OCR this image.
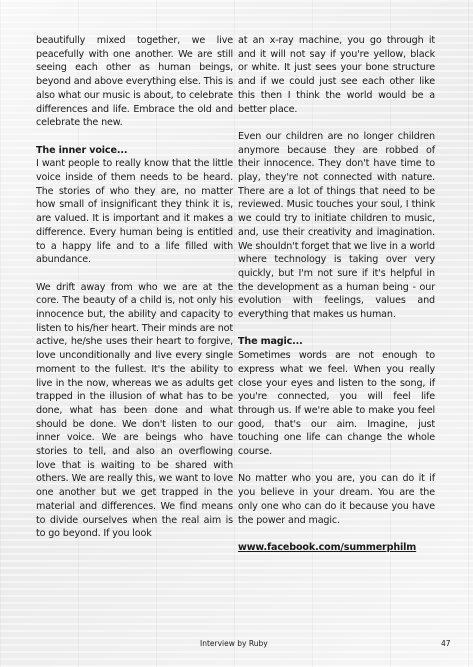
beautifully mixed together, we live peacefully with one another. We are still seeing each other as human beings, beyond and above everything else. This is also what our music is about, to celebrate differences and life. Embrace the old and celebrate the new.

The inner voice...

I want people to really know that the little voice inside of them needs to be heard. The stories of who they are, no matter how small of insignificant they think it is, are valued. It is important and it makes a difference. Every human being is entitled to a happy life and to a life filled with abundance.

We drift away from who we are at the core. The beauty of a child is, not only his innocence but, the ability and capacity to listen to his/her heart. Their minds are not active, he/she uses their heart to forgive, love unconditionally and live every single moment to the fullest. It's the ability to live in the now, whereas we as adults get trapped in the illusion of what has to be done, what has been done and what should be done. We don't listen to our inner voice. We are beings who have stories to tell, and also an overflowing love that is waiting to be shared with others. We are really this, we want to love one another but we get trapped in the material and differences. We find means to divide ourselves when the real aim is to go beyond. If you look

at an x-ray machine, you go through it and it will not say if you're yellow, black or white. It just sees your bone structure and if we could just see each other like this then I think the world would be a better place.

Even our children are no longer children anymore because they are robbed of their innocence. They don't have time to play, they're not connected with nature. There are a lot of things that need to be reviewed. Music touches your soul, I think we could try to initiate children to music, and, use their creativity and imagination. We shouldn't forget that we live in a world where technology is taking over very quickly, but I'm not sure if it's helpful in the development as a human being - our evolution with feelings, values and everything that makes us human.

The magic...

Sometimes words are not enough to express what we feel. When you really close your eyes and listen to the song, if you're connected, you will feel life through us. If we're able to make you feel good, that's our aim. Imagine, just touching one life can change the whole course.

No matter who you are, you can do it if you believe in your dream. You are the only one who can do it because you have the power and magic.

www.facebook.com/summerphilm
Interview by Ruby	47
